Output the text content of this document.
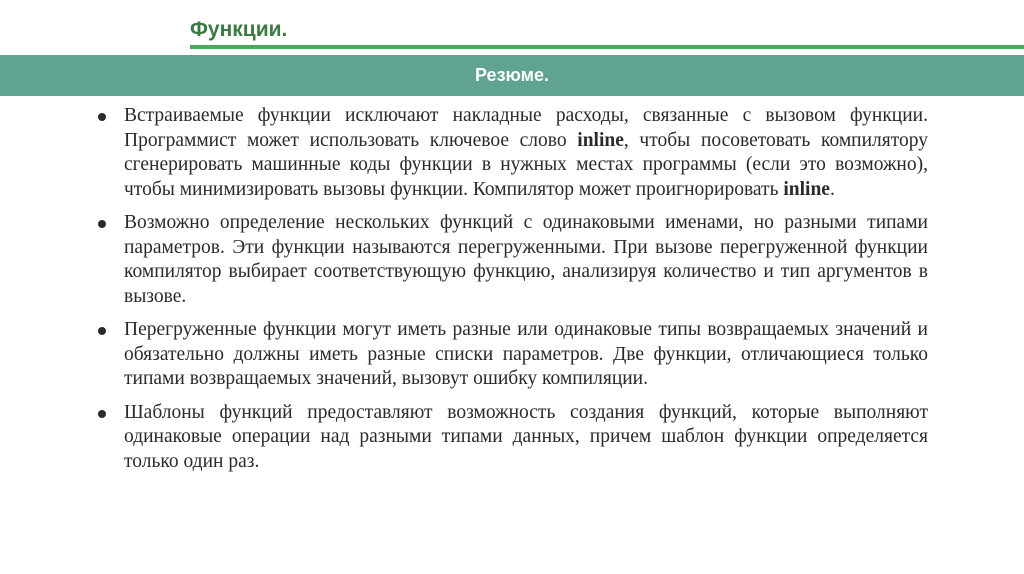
Функции.
Резюме.
Встраиваемые функции исключают накладные расходы, связанные с вызовом функции. Программист может использовать ключевое слово inline, чтобы посоветовать компилятору сгенерировать машинные коды функции в нужных местах программы (если это возможно), чтобы минимизировать вызовы функции. Компилятор может проигнорировать inline.
Возможно определение нескольких функций с одинаковыми именами, но разными типами параметров. Эти функции называются перегруженными. При вызове перегруженной функции компилятор выбирает соответствующую функцию, анализируя количество и тип аргументов в вызове.
Перегруженные функции могут иметь разные или одинаковые типы возвращаемых значений и обязательно должны иметь разные списки параметров. Две функции, отличающиеся только типами возвращаемых значений, вызовут ошибку компиляции.
Шаблоны функций предоставляют возможность создания функций, которые выполняют одинаковые операции над разными типами данных, причем шаблон функции определяется только один раз.
